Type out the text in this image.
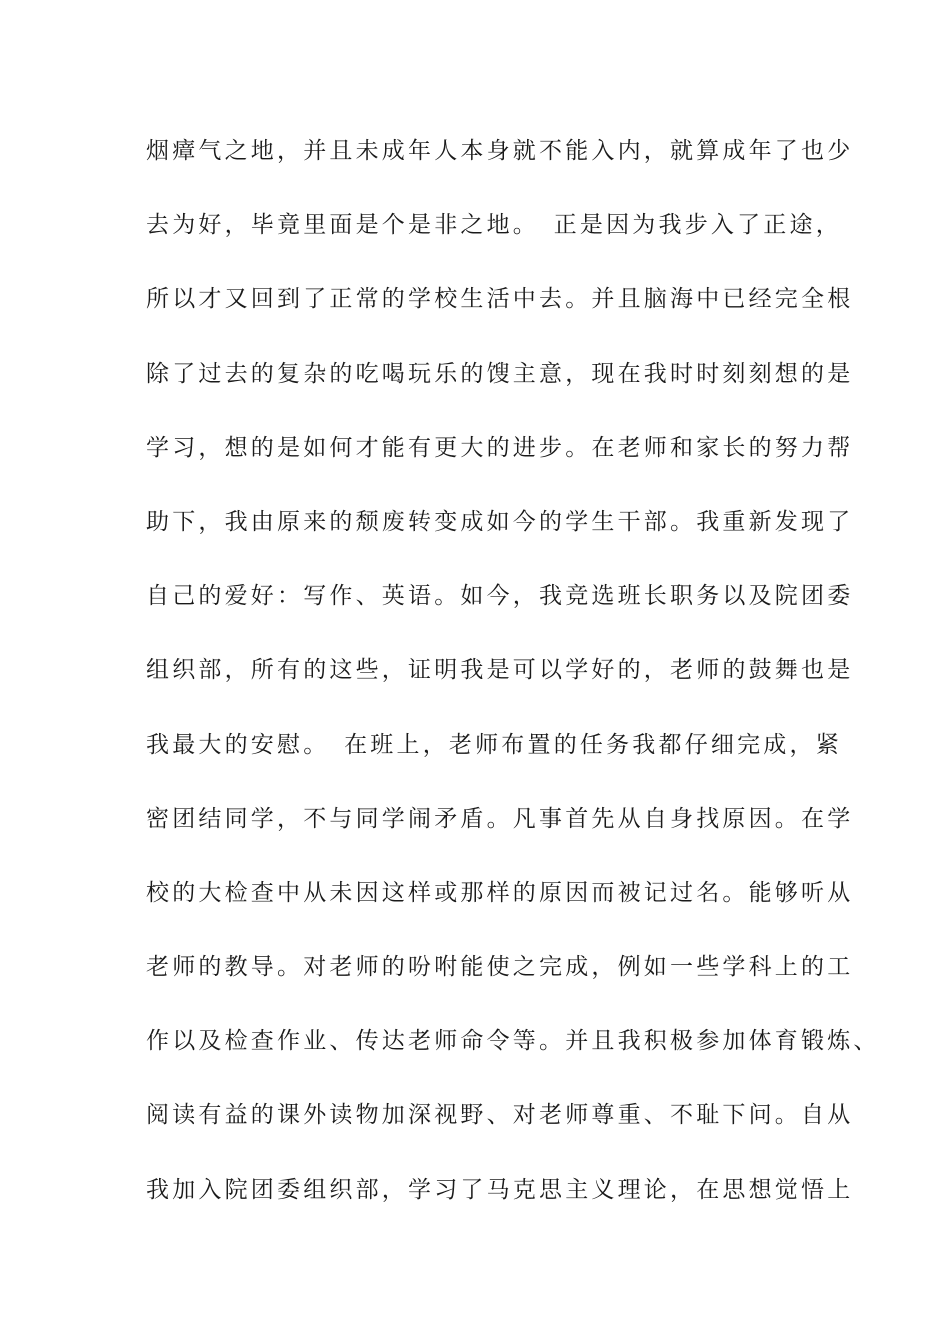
烟瘴气之地，并且未成年人本身就不能入内，就算成年了也少
去为好，毕竟里面是个是非之地。　正是因为我步入了正途，
所以才又回到了正常的学校生活中去。并且脑海中已经完全根
除了过去的复杂的吃喝玩乐的馊主意，现在我时时刻刻想的是
学习，想的是如何才能有更大的进步。在老师和家长的努力帮
助下，我由原来的颓废转变成如今的学生干部。我重新发现了
自己的爱好：写作、英语。如今，我竞选班长职务以及院团委
组织部，所有的这些，证明我是可以学好的，老师的鼓舞也是
我最大的安慰。　在班上，老师布置的任务我都仔细完成，紧
密团结同学，不与同学闹矛盾。凡事首先从自身找原因。在学
校的大检查中从未因这样或那样的原因而被记过名。能够听从
老师的教导。对老师的吩咐能使之完成，例如一些学科上的工
作以及检查作业、传达老师命令等。并且我积极参加体育锻炼、
阅读有益的课外读物加深视野、对老师尊重、不耻下问。自从
我加入院团委组织部，学习了马克思主义理论，在思想觉悟上
